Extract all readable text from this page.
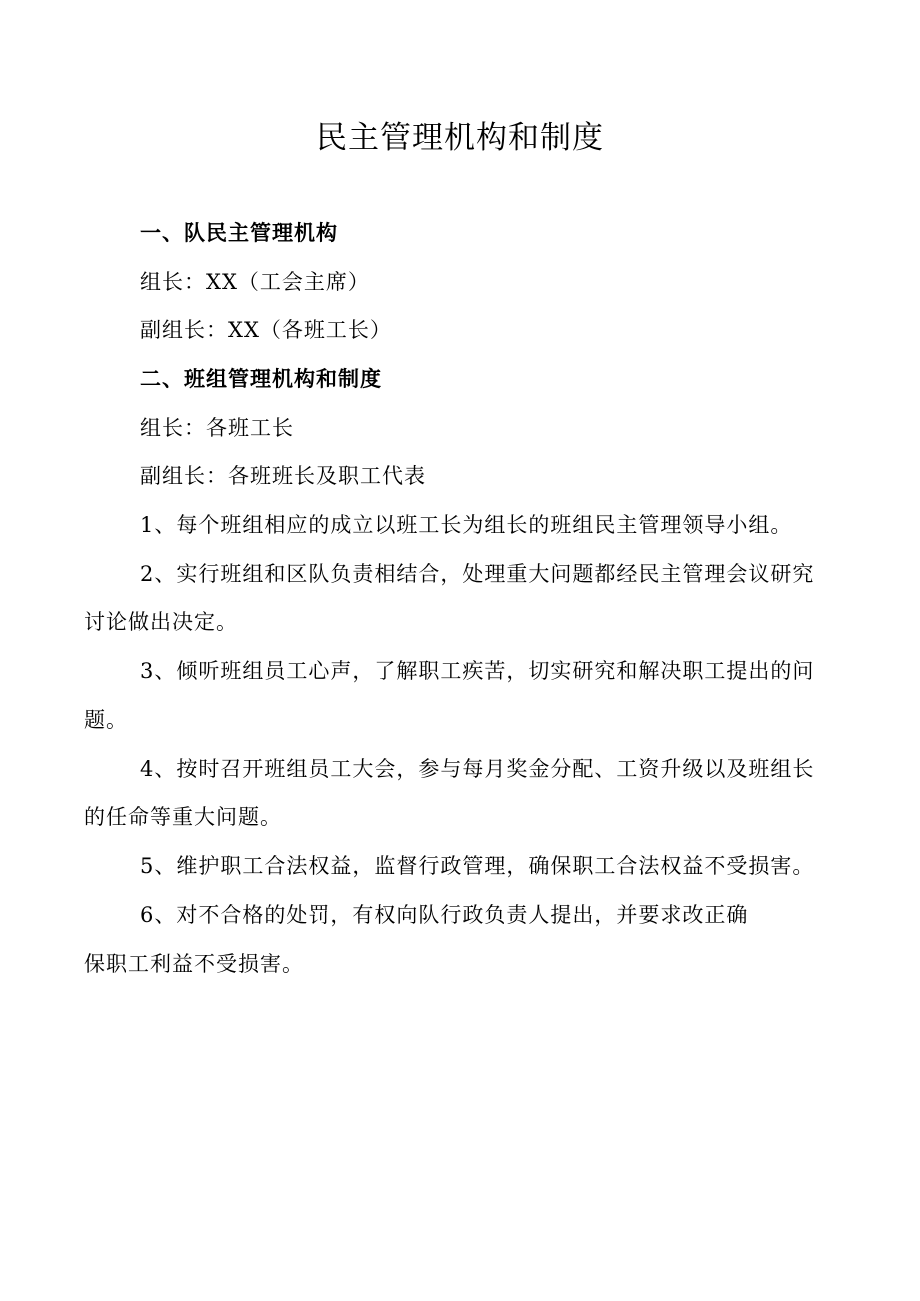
民主管理机构和制度
一、队民主管理机构
组长：XX（工会主席）
副组长：XX（各班工长）
二、班组管理机构和制度
组长：各班工长
副组长：各班班长及职工代表
1、每个班组相应的成立以班工长为组长的班组民主管理领导小组。
2、实行班组和区队负责相结合，处理重大问题都经民主管理会议研究
讨论做出决定。
3、倾听班组员工心声，了解职工疾苦，切实研究和解决职工提出的问
题。
4、按时召开班组员工大会，参与每月奖金分配、工资升级以及班组长
的任命等重大问题。
5、维护职工合法权益，监督行政管理，确保职工合法权益不受损害。
6、对不合格的处罚，有权向队行政负责人提出，并要求改正确
保职工利益不受损害。
